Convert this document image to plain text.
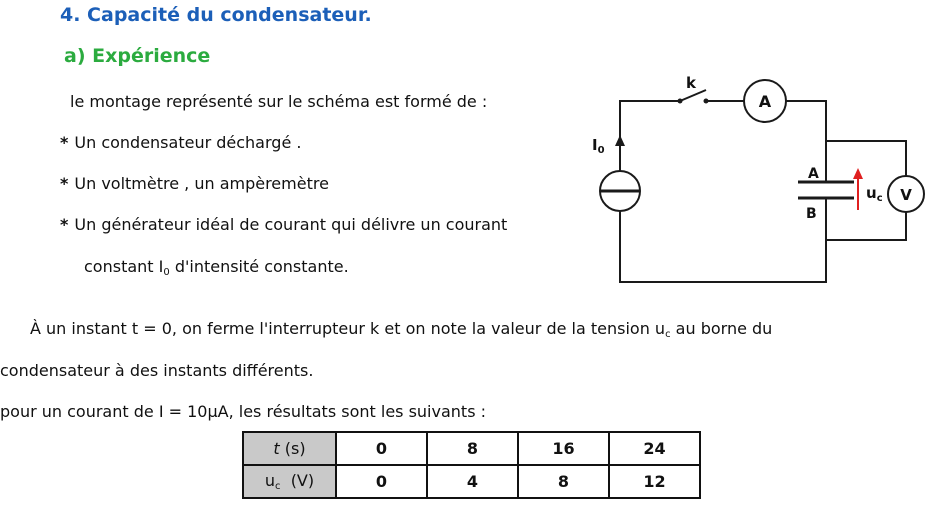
4. Capacité du condensateur.
a) Expérience
le montage représenté sur le schéma est formé de :
* Un condensateur déchargé .
* Un voltmètre , un ampèremètre
* Un générateur idéal de courant qui délivre un courant
constant $I_0$ d'intensité constante.
À un instant t = 0, on ferme l'interrupteur k et on note la valeur de la tension $u_c$ au borne du
condensateur à des instants différents.
pour un courant de I = 10µA, les résultats sont les suivants :
k
A
$I_0$
A
B
$u_c$ V
t (s)	0	8	16	24
$u_c$  (V)	0	4	8	12
